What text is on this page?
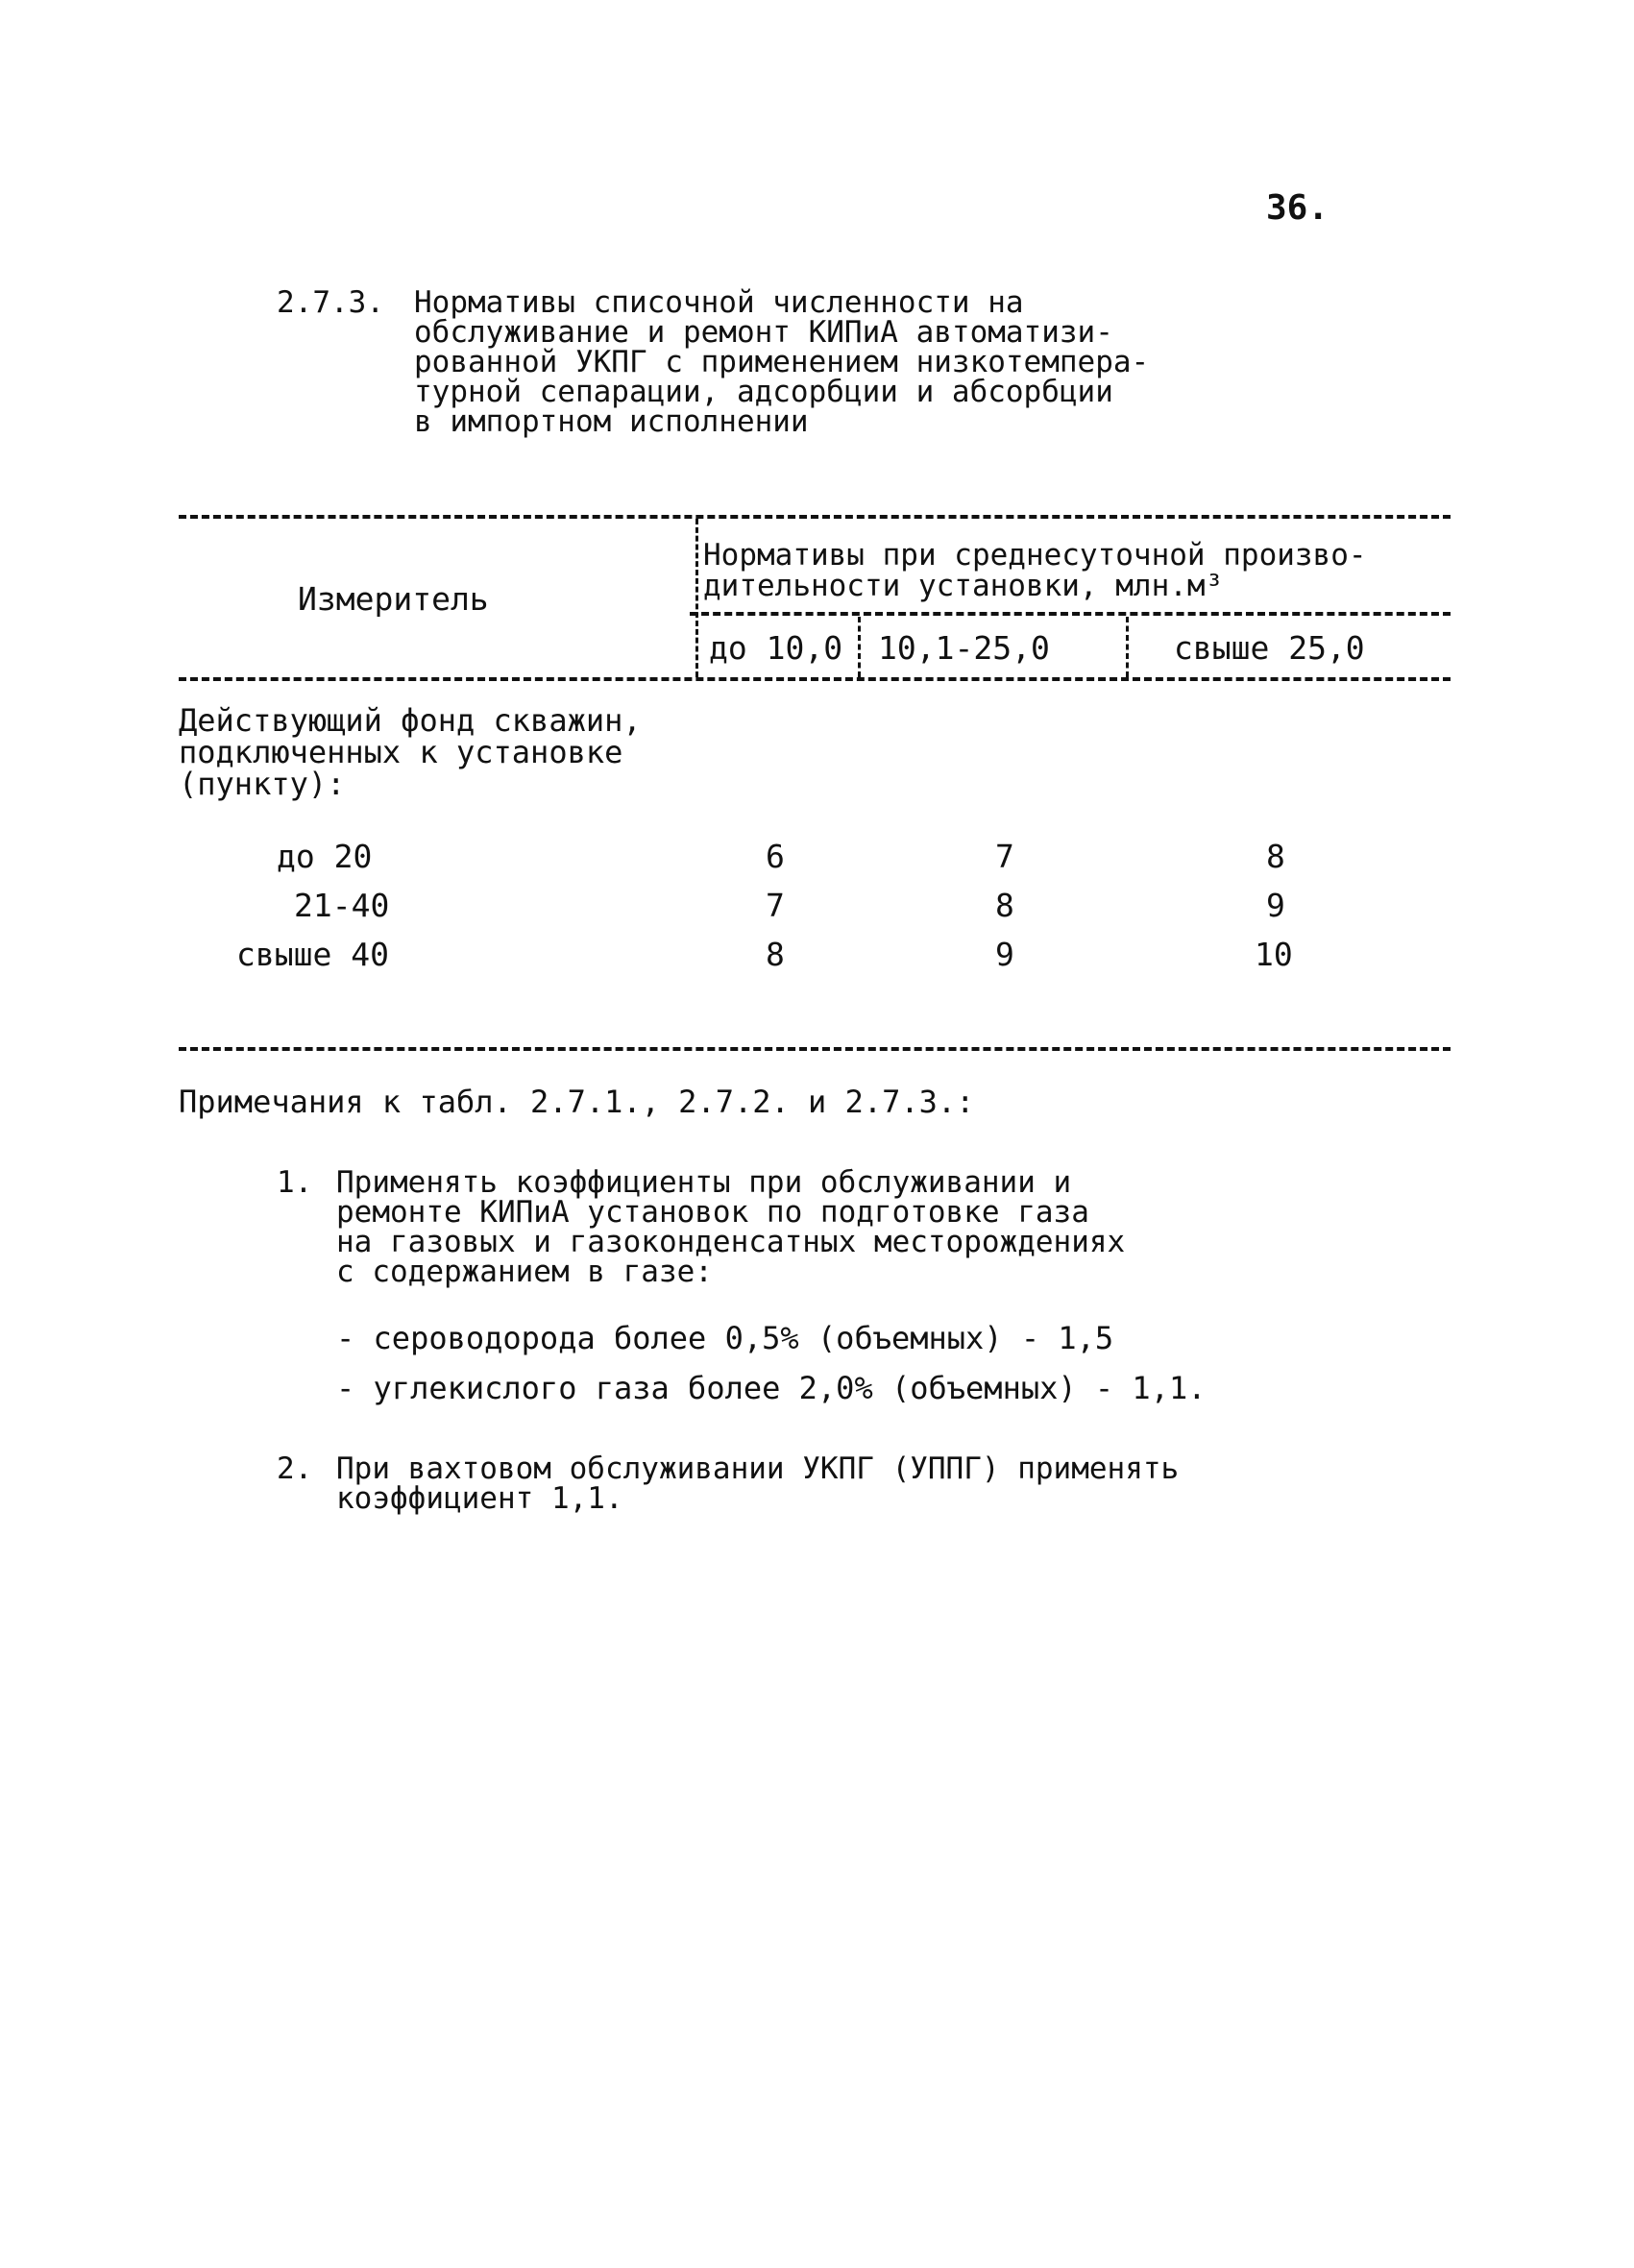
36.
2.7.3. Нормативы списочной численности на
обслуживание и ремонт КИПиА автоматизи-
рованной УКПГ с применением низкотемпера-
турной сепарации, адсорбции и абсорбции
в импортном исполнении
Измеритель
Нормативы при среднесуточной произво-
дительности установки, млн.м³
до 10,0 10,1-25,0	свыше 25,0
Действующий фонд скважин,
подключенных к установке
(пункту):
до 20	6	7	8
21-40	7	8	9
свыше 40	8	9	10
Примечания к табл. 2.7.1., 2.7.2. и 2.7.3.:
1. Применять коэффициенты при обслуживании и
ремонте КИПиА установок по подготовке газа
на газовых и газоконденсатных месторождениях
с содержанием в газе:
- сероводорода более 0,5% (объемных) - 1,5
- углекислого газа более 2,0% (объемных) - 1,1.
2. При вахтовом обслуживании УКПГ (УППГ) применять
коэффициент 1,1.
